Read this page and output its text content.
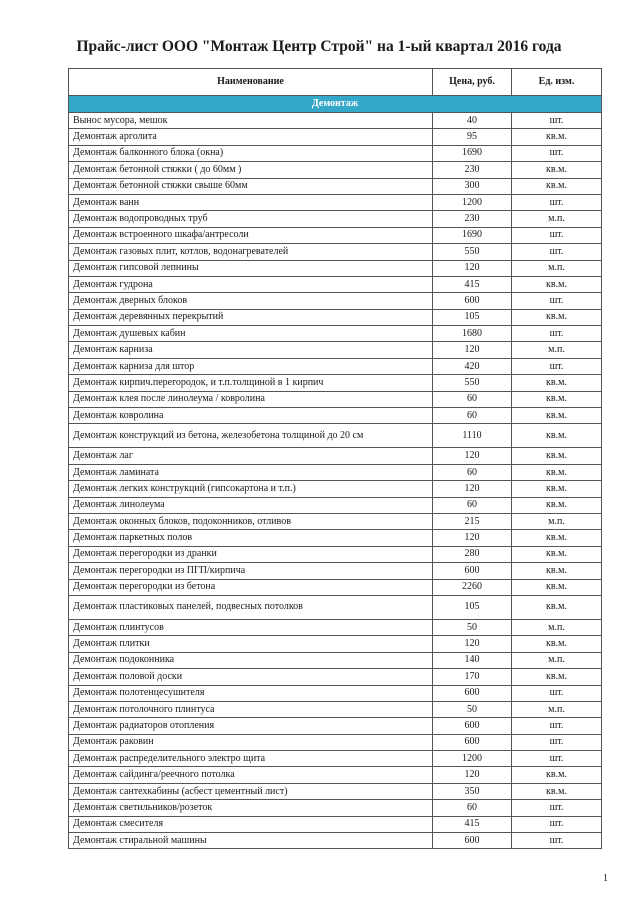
Прайс-лист ООО "Монтаж Центр Строй" на 1-ый квартал 2016 года
Наименование	Цена, руб.	Ед. изм.
Демонтаж		
Вынос мусора, мешок	40	шт.
Демонтаж арголита	95	кв.м.
Демонтаж балконного блока (окна)	1690	шт.
Демонтаж бетонной стяжки ( до 60мм )	230	кв.м.
Демонтаж бетонной стяжки свыше 60мм	300	кв.м.
Демонтаж ванн	1200	шт.
Демонтаж водопроводных труб	230	м.п.
Демонтаж встроенного шкафа/антресоли	1690	шт.
Демонтаж газовых плит, котлов, водонагревателей	550	шт.
Демонтаж гипсовой лепнины	120	м.п.
Демонтаж гудрона	415	кв.м.
Демонтаж дверных блоков	600	шт.
Демонтаж деревянных перекрытий	105	кв.м.
Демонтаж душевых кабин	1680	шт.
Демонтаж карниза	120	м.п.
Демонтаж карниза для штор	420	шт.
Демонтаж кирпич.перегородок, и т.п.толщиной в 1 кирпич	550	кв.м.
Демонтаж клея после линолеума / ковролина	60	кв.м.
Демонтаж ковролина	60	кв.м.
Демонтаж конструкций из бетона, железобетона толщиной до 20 см	1110	кв.м.
Демонтаж лаг	120	кв.м.
Демонтаж ламината	60	кв.м.
Демонтаж легких конструкций (гипсокартона и т.п.)	120	кв.м.
Демонтаж линолеума	60	кв.м.
Демонтаж оконных блоков, подоконников, отливов	215	м.п.
Демонтаж паркетных полов	120	кв.м.
Демонтаж перегородки из дранки	280	кв.м.
Демонтаж перегородки из ПГП/кирпича	600	кв.м.
Демонтаж перегородки из бетона	2260	кв.м.
Демонтаж пластиковых панелей, подвесных потолков	105	кв.м.
Демонтаж плинтусов	50	м.п.
Демонтаж плитки	120	кв.м.
Демонтаж подоконника	140	м.п.
Демонтаж половой доски	170	кв.м.
Демонтаж полотенцесушителя	600	шт.
Демонтаж потолочного плинтуса	50	м.п.
Демонтаж радиаторов отопления	600	шт.
Демонтаж раковин	600	шт.
Демонтаж распределительного электро щита	1200	шт.
Демонтаж сайдинга/реечного потолка	120	кв.м.
Демонтаж сантехкабины (асбест цементный лист)	350	кв.м.
Демонтаж светильников/розеток	60	шт.
Демонтаж смесителя	415	шт.
Демонтаж стиральной машины	600	шт.
1
